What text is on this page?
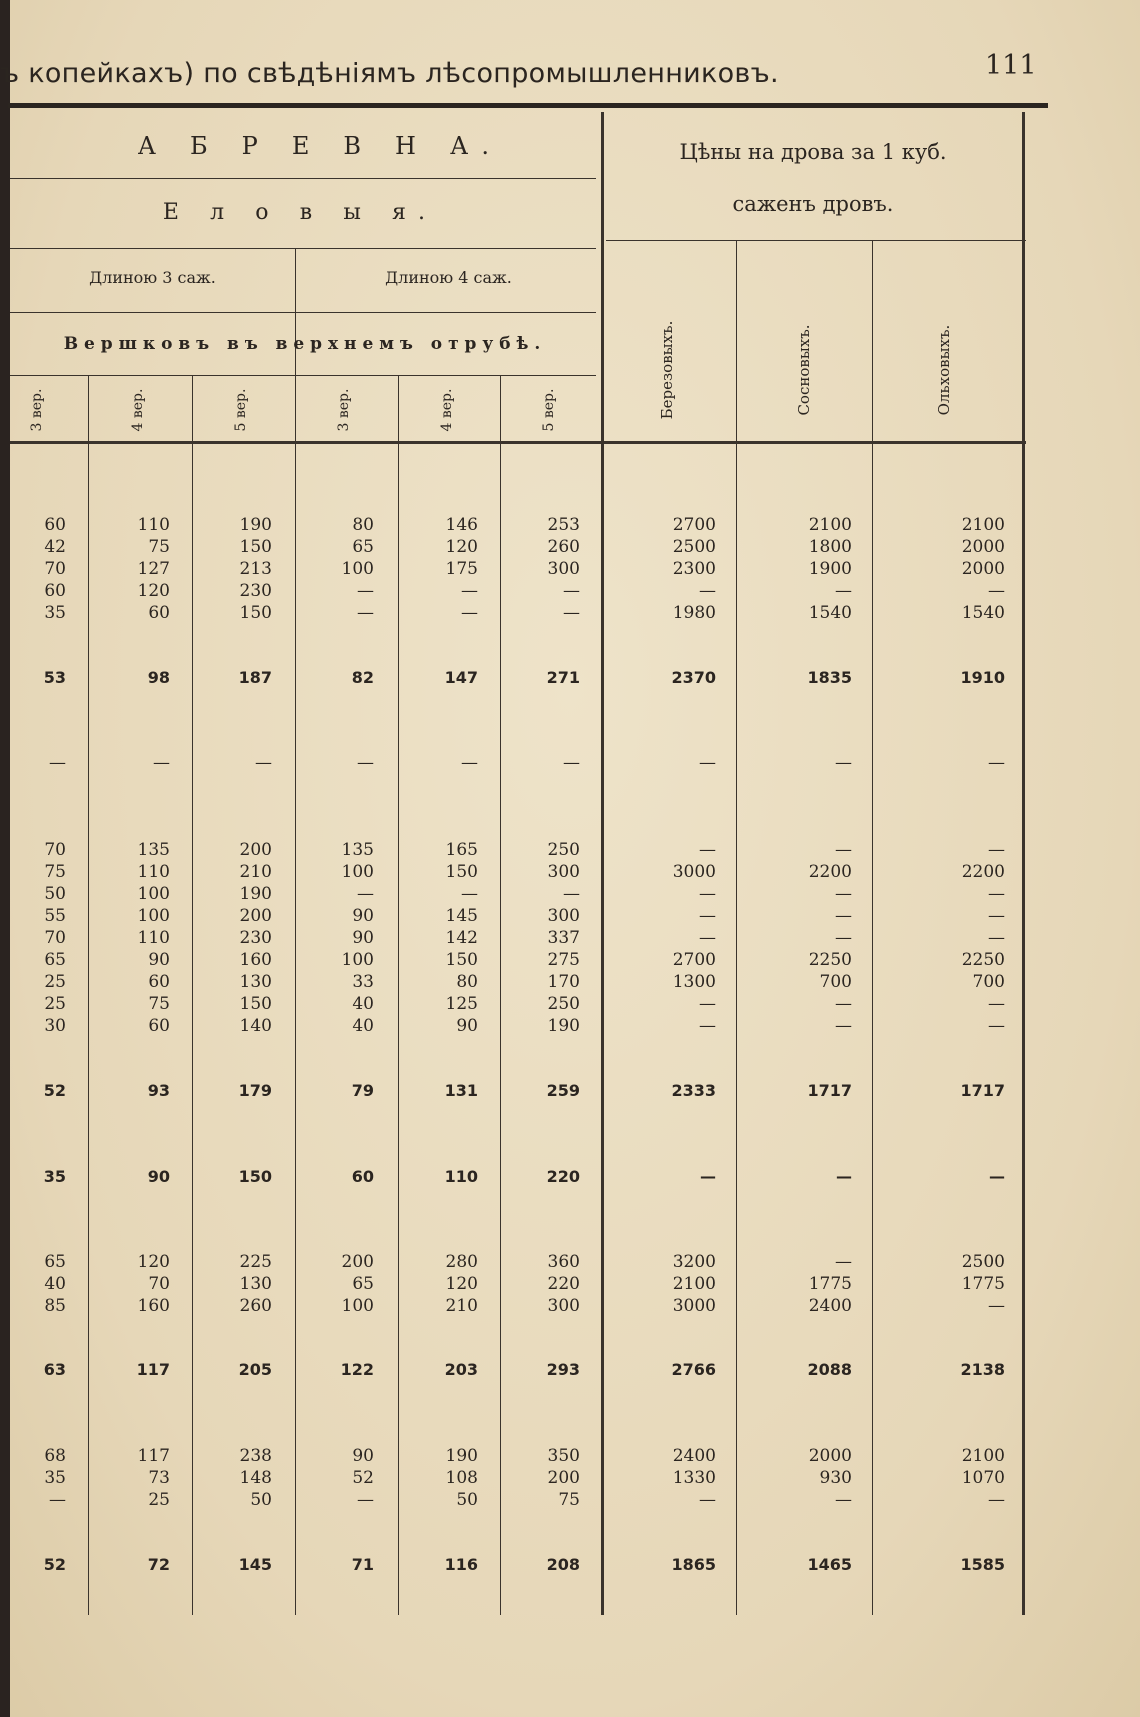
ъ копейкахъ) по свѣдѣніямъ лѣсопромышленниковъ.	111
А Б Р Е В Н А.
Е л о в ы я.
Длиною 3 саж.	Длиною 4 саж.
Вершковъ въ верхнемъ отрубѣ.
Цѣны на дрова за 1 куб.
саженъ дровъ.
3 вер.	4 вер.	5 вер.	3 вер.	4 вер.	5 вер.	Березовыхъ.	Сосновыхъ.	Ольховыхъ.
60	110	190	80	146	253	2700	2100	2100
42	75	150	65	120	260	2500	1800	2000
70	127	213	100	175	300	2300	1900	2000
60	120	230	—	—	—	—	—	—
35	60	150	—	—	—	1980	1540	1540
53	98	187	82	147	271	2370	1835	1910
—	—	—	—	—	—	—	—	—
70	135	200	135	165	250	—	—	—
75	110	210	100	150	300	3000	2200	2200
50	100	190	—	—	—	—	—	—
55	100	200	90	145	300	—	—	—
70	110	230	90	142	337	—	—	—
65	90	160	100	150	275	2700	2250	2250
25	60	130	33	80	170	1300	700	700
25	75	150	40	125	250	—	—	—
30	60	140	40	90	190	—	—	—
52	93	179	79	131	259	2333	1717	1717
35	90	150	60	110	220	—	—	—
65	120	225	200	280	360	3200	—	2500
40	70	130	65	120	220	2100	1775	1775
85	160	260	100	210	300	3000	2400	—
63	117	205	122	203	293	2766	2088	2138
68	117	238	90	190	350	2400	2000	2100
35	73	148	52	108	200	1330	930	1070
—	25	50	—	50	75	—	—	—
52	72	145	71	116	208	1865	1465	1585
